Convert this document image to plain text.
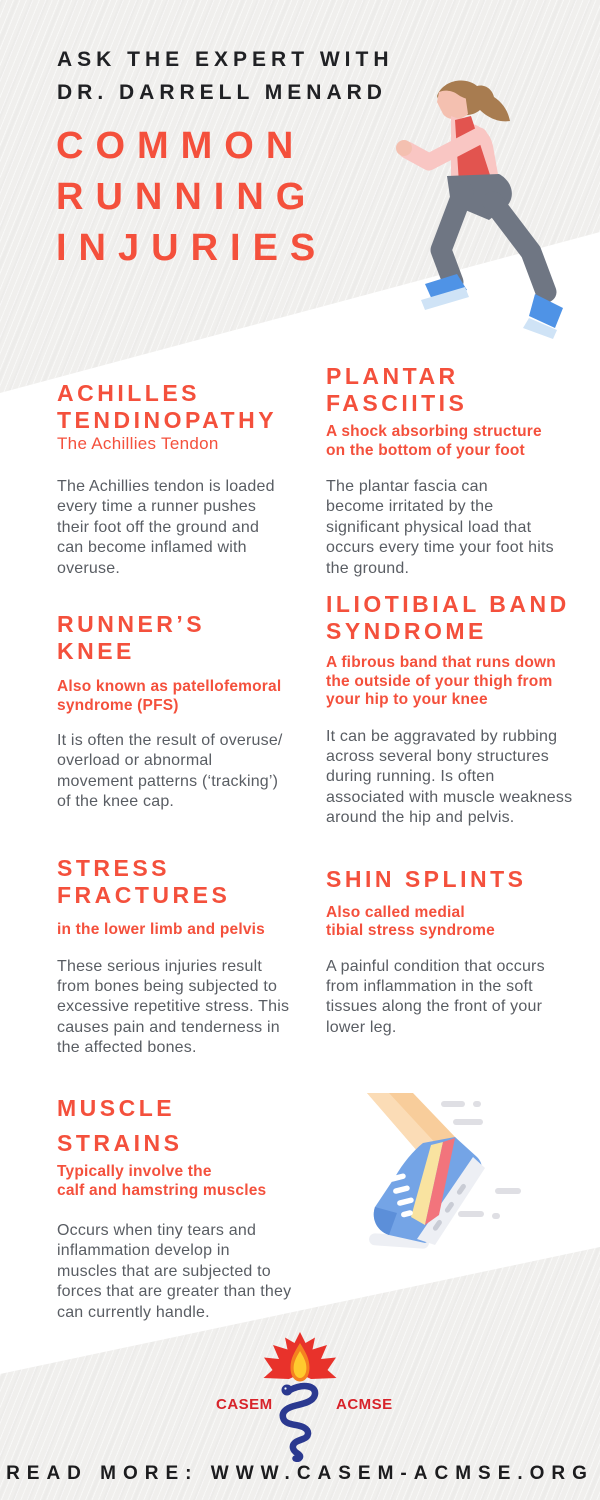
ASK THE EXPERT WITH
DR. DARRELL MENARD
COMMON
RUNNING
INJURIES
ACHILLES
TENDINOPATHY
The Achillies Tendon
The Achillies tendon is loaded
every time a runner pushes
their foot off the ground and
can become inflamed with
overuse.
PLANTAR
FASCIITIS
A shock absorbing structure
on the bottom of your foot
The plantar fascia can
become irritated by the
significant physical load that
occurs every time your foot hits
the ground.
RUNNER’S
KNEE
Also known as patellofemoral
syndrome (PFS)
It is often the result of overuse/
overload or abnormal
movement patterns (‘tracking’)
of the knee cap.
ILIOTIBIAL BAND
SYNDROME
A fibrous band that runs down
the outside of your thigh from
your hip to your knee
It can be aggravated by rubbing
across several bony structures
during running. Is often
associated with muscle weakness
around the hip and pelvis.
STRESS
FRACTURES
in the lower limb and pelvis
These serious injuries result
from bones being subjected to
excessive repetitive stress. This
causes pain and tenderness in
the affected bones.
SHIN SPLINTS
Also called medial
tibial stress syndrome
A painful condition that occurs
from inflammation in the soft
tissues along the front of your
lower leg.
MUSCLE
STRAINS
Typically involve the
calf and hamstring muscles
Occurs when tiny tears and
inflammation develop in
muscles that are subjected to
forces that are greater than they
can currently handle.
CASEM	ACMSE
READ MORE: WWW.CASEM-ACMSE.ORG
